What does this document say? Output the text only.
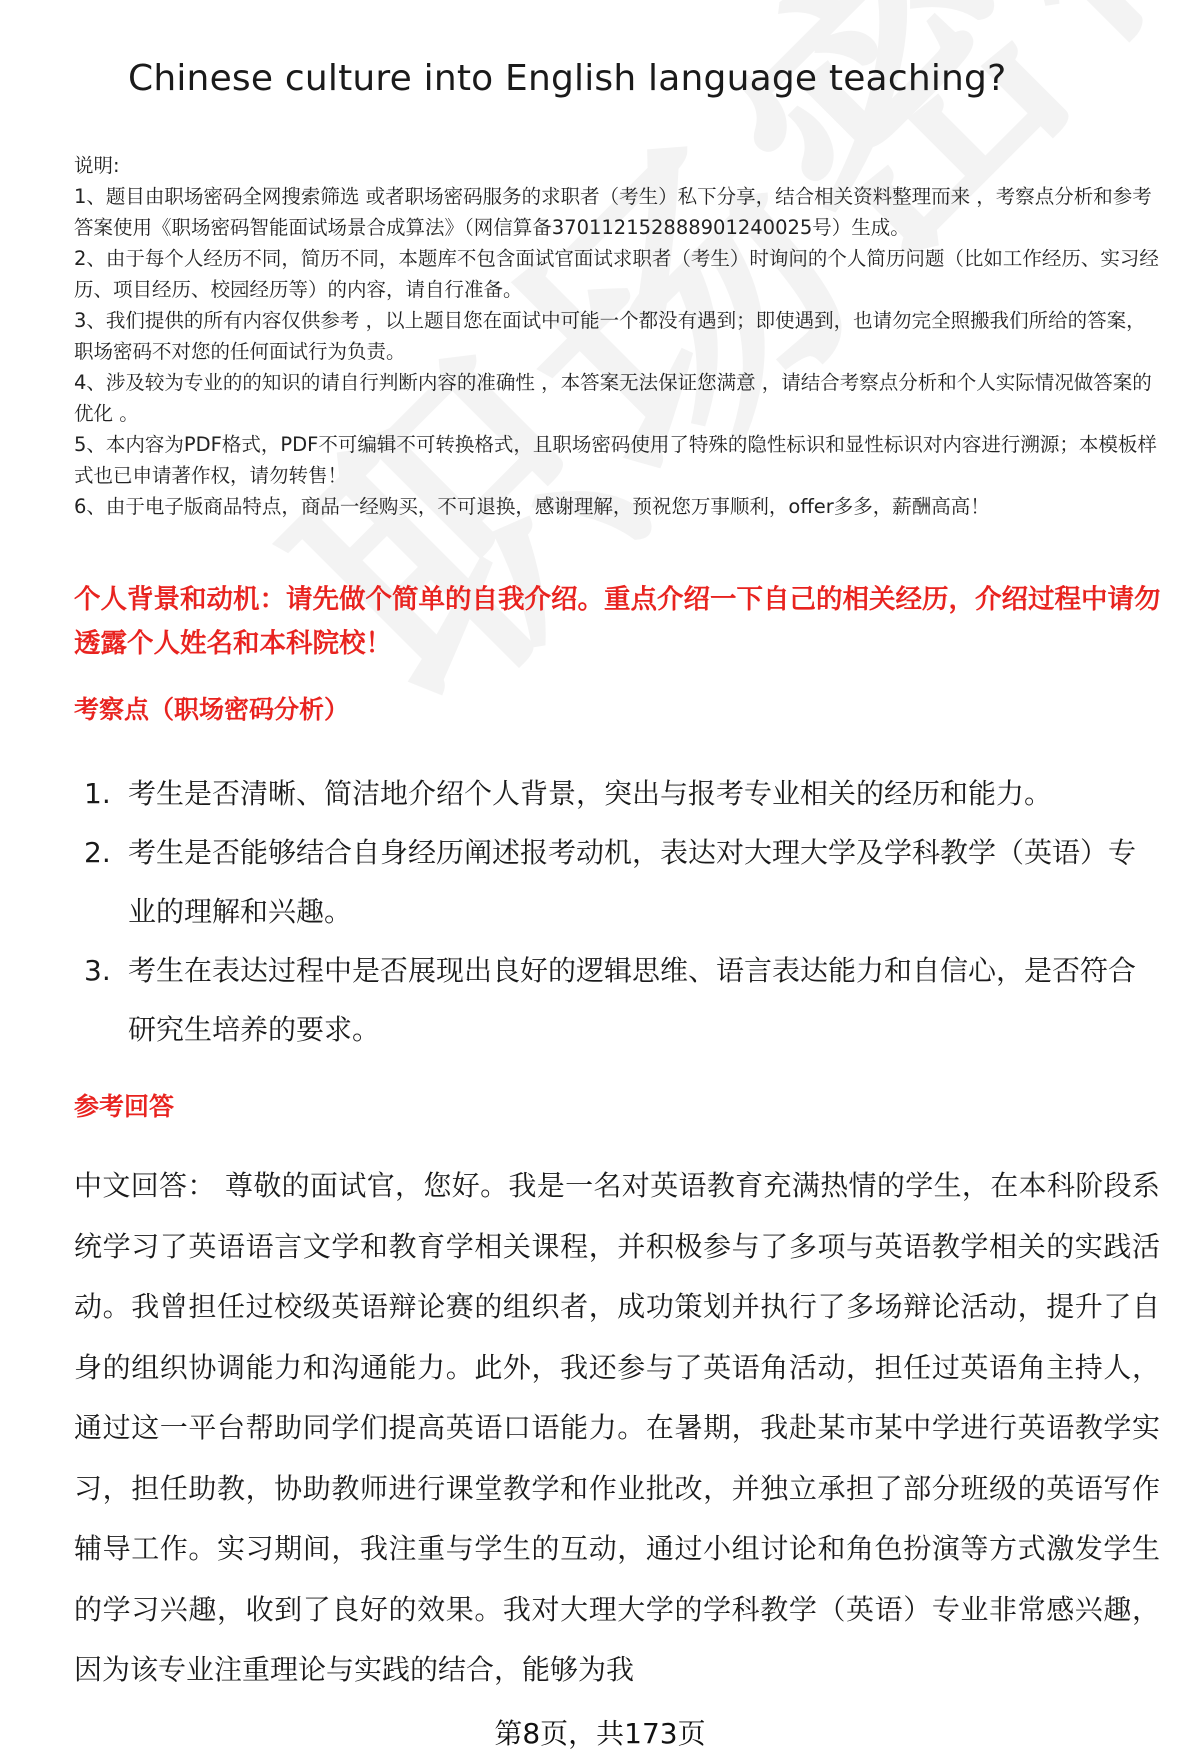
Chinese culture into English language teaching?

说明:

1、题目由职场密码全网搜索筛选 或者职场密码服务的求职者（考生）私下分享，结合相关资料整理而来 ，考察点分析和参考答案使用《职场密码智能面试场景合成算法》（网信算备370112152888901240025号）生成。

2、由于每个人经历不同，简历不同，本题库不包含面试官面试求职者（考生）时询问的个人简历问题（比如工作经历、实习经历、项目经历、校园经历等）的内容，请自行准备。

3、我们提供的所有内容仅供参考 ，以上题目您在面试中可能一个都没有遇到；即使遇到，也请勿完全照搬我们所给的答案，职场密码不对您的任何面试行为负责。

4、涉及较为专业的的知识的请自行判断内容的准确性 ，本答案无法保证您满意 ，请结合考察点分析和个人实际情况做答案的优化 。

5、本内容为PDF格式，PDF不可编辑不可转换格式，且职场密码使用了特殊的隐性标识和显性标识对内容进行溯源；本模板样式也已申请著作权，请勿转售！

6、由于电子版商品特点，商品一经购买，不可退换，感谢理解，预祝您万事顺利，offer多多，薪酬高高！

个人背景和动机：请先做个简单的自我介绍。重点介绍一下自己的相关经历，介绍过程中请勿透露个人姓名和本科院校！
考察点（职场密码分析）
1. 考生是否清晰、简洁地介绍个人背景，突出与报考专业相关的经历和能力。
2. 考生是否能够结合自身经历阐述报考动机，表达对大理大学及学科教学（英语）专业的理解和兴趣。
3. 考生在表达过程中是否展现出良好的逻辑思维、语言表达能力和自信心，是否符合研究生培养的要求。
参考回答

中文回答： 尊敬的面试官，您好。我是一名对英语教育充满热情的学生，在本科阶段系统学习了英语语言文学和教育学相关课程，并积极参与了多项与英语教学相关的实践活动。我曾担任过校级英语辩论赛的组织者，成功策划并执行了多场辩论活动，提升了自身的组织协调能力和沟通能力。此外，我还参与了英语角活动，担任过英语角主持人，通过这一平台帮助同学们提高英语口语能力。在暑期，我赴某市某中学进行英语教学实习，担任助教，协助教师进行课堂教学和作业批改，并独立承担了部分班级的英语写作辅导工作。实习期间，我注重与学生的互动，通过小组讨论和角色扮演等方式激发学生的学习兴趣，收到了良好的效果。我对大理大学的学科教学（英语）专业非常感兴趣，因为该专业注重理论与实践的结合，能够为我

第8页，共173页
